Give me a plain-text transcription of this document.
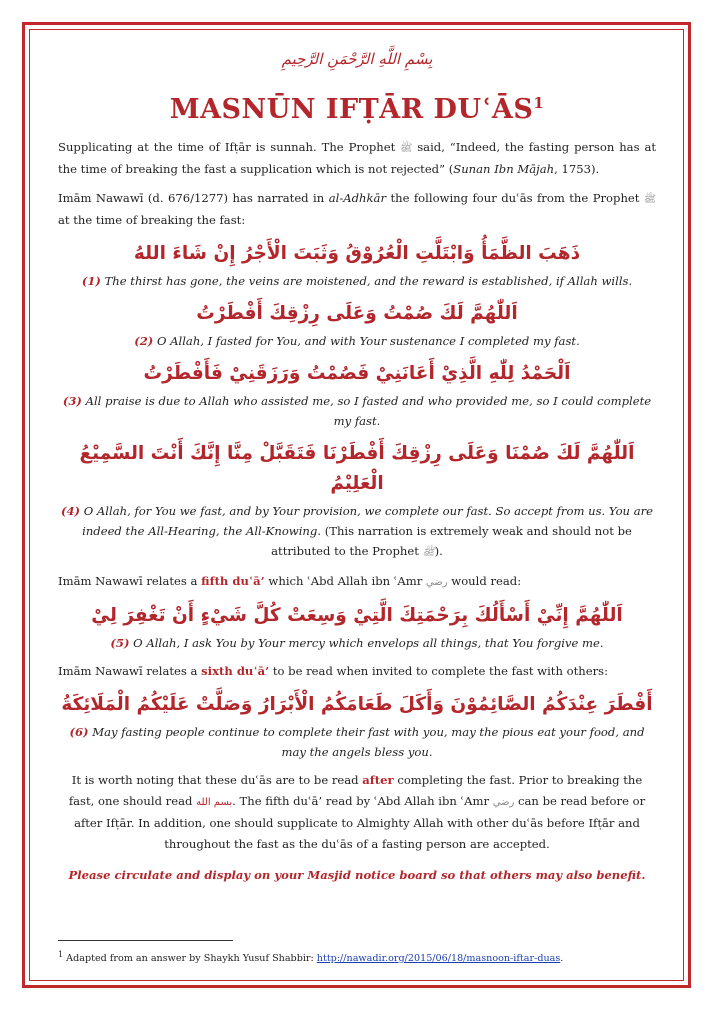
بِسْمِ اللَّهِ الرَّحْمَنِ الرَّحِيمِ
MASNŪN IFṬĀR DUʿĀS$^1$

Supplicating at the time of Ifṭār is sunnah. The Prophet ﷺ said, “Indeed, the fasting person has at the time of breaking the fast a supplication which is not rejected” (Sunan Ibn Mājah, 1753).

Imām Nawawī (d. 676/1277) has narrated in al-Adhkār the following four duʿās from the Prophet ﷺ at the time of breaking the fast:

ذَهَبَ الظَّمَأُ وَابْتَلَّتِ الْعُرُوْقُ وَثَبَتَ الْأَجْرُ إِنْ شَاءَ اللهُ

(1) The thirst has gone, the veins are moistened, and the reward is established, if Allah wills.

اَللّٰهُمَّ لَكَ صُمْتُ وَعَلَى رِزْقِكَ أَفْطَرْتُ

(2) O Allah, I fasted for You, and with Your sustenance I completed my fast.

اَلْحَمْدُ لِلّٰهِ الَّذِيْ أَعَانَنِيْ فَصُمْتُ وَرَزَقَنِيْ فَأَفْطَرْتُ

(3) All praise is due to Allah who assisted me, so I fasted and who provided me, so I could complete my fast.

اَللّٰهُمَّ لَكَ صُمْنَا وَعَلَى رِزْقِكَ أَفْطَرْنَا فَتَقَبَّلْ مِنَّا إِنَّكَ أَنْتَ السَّمِيْعُ الْعَلِيْمُ

(4) O Allah, for You we fast, and by Your provision, we complete our fast. So accept from us. You are indeed the All-Hearing, the All-Knowing. (This narration is extremely weak and should not be attributed to the Prophet ﷺ).

Imām Nawawī relates a fifth duʿā’ which ʿAbd Allah ibn ʿAmr رضي would read:

اَللّٰهُمَّ إِنِّيْ أَسْأَلُكَ بِرَحْمَتِكَ الَّتِيْ وَسِعَتْ كُلَّ شَيْءٍ أَنْ تَغْفِرَ لِيْ

(5) O Allah, I ask You by Your mercy which envelops all things, that You forgive me.

Imām Nawawī relates a sixth duʿā’ to be read when invited to complete the fast with others:

أَفْطَرَ عِنْدَكُمُ الصَّائِمُوْنَ وَأَكَلَ طَعَامَكُمُ الْأَبْرَارُ وَصَلَّتْ عَلَيْكُمُ الْمَلَائِكَةُ

(6) May fasting people continue to complete their fast with you, may the pious eat your food, and may the angels bless you.

It is worth noting that these duʿās are to be read after completing the fast. Prior to breaking the fast, one should read بسم الله. The fifth duʿā’ read by ʿAbd Allah ibn ʿAmr رضي can be read before or after Ifṭār. In addition, one should supplicate to Almighty Allah with other duʿās before Ifṭār and throughout the fast as the duʿās of a fasting person are accepted.

Please circulate and display on your Masjid notice board so that others may also benefit.

$^1$ Adapted from an answer by Shaykh Yusuf Shabbir: http://nawadir.org/2015/06/18/masnoon-iftar-duas.
